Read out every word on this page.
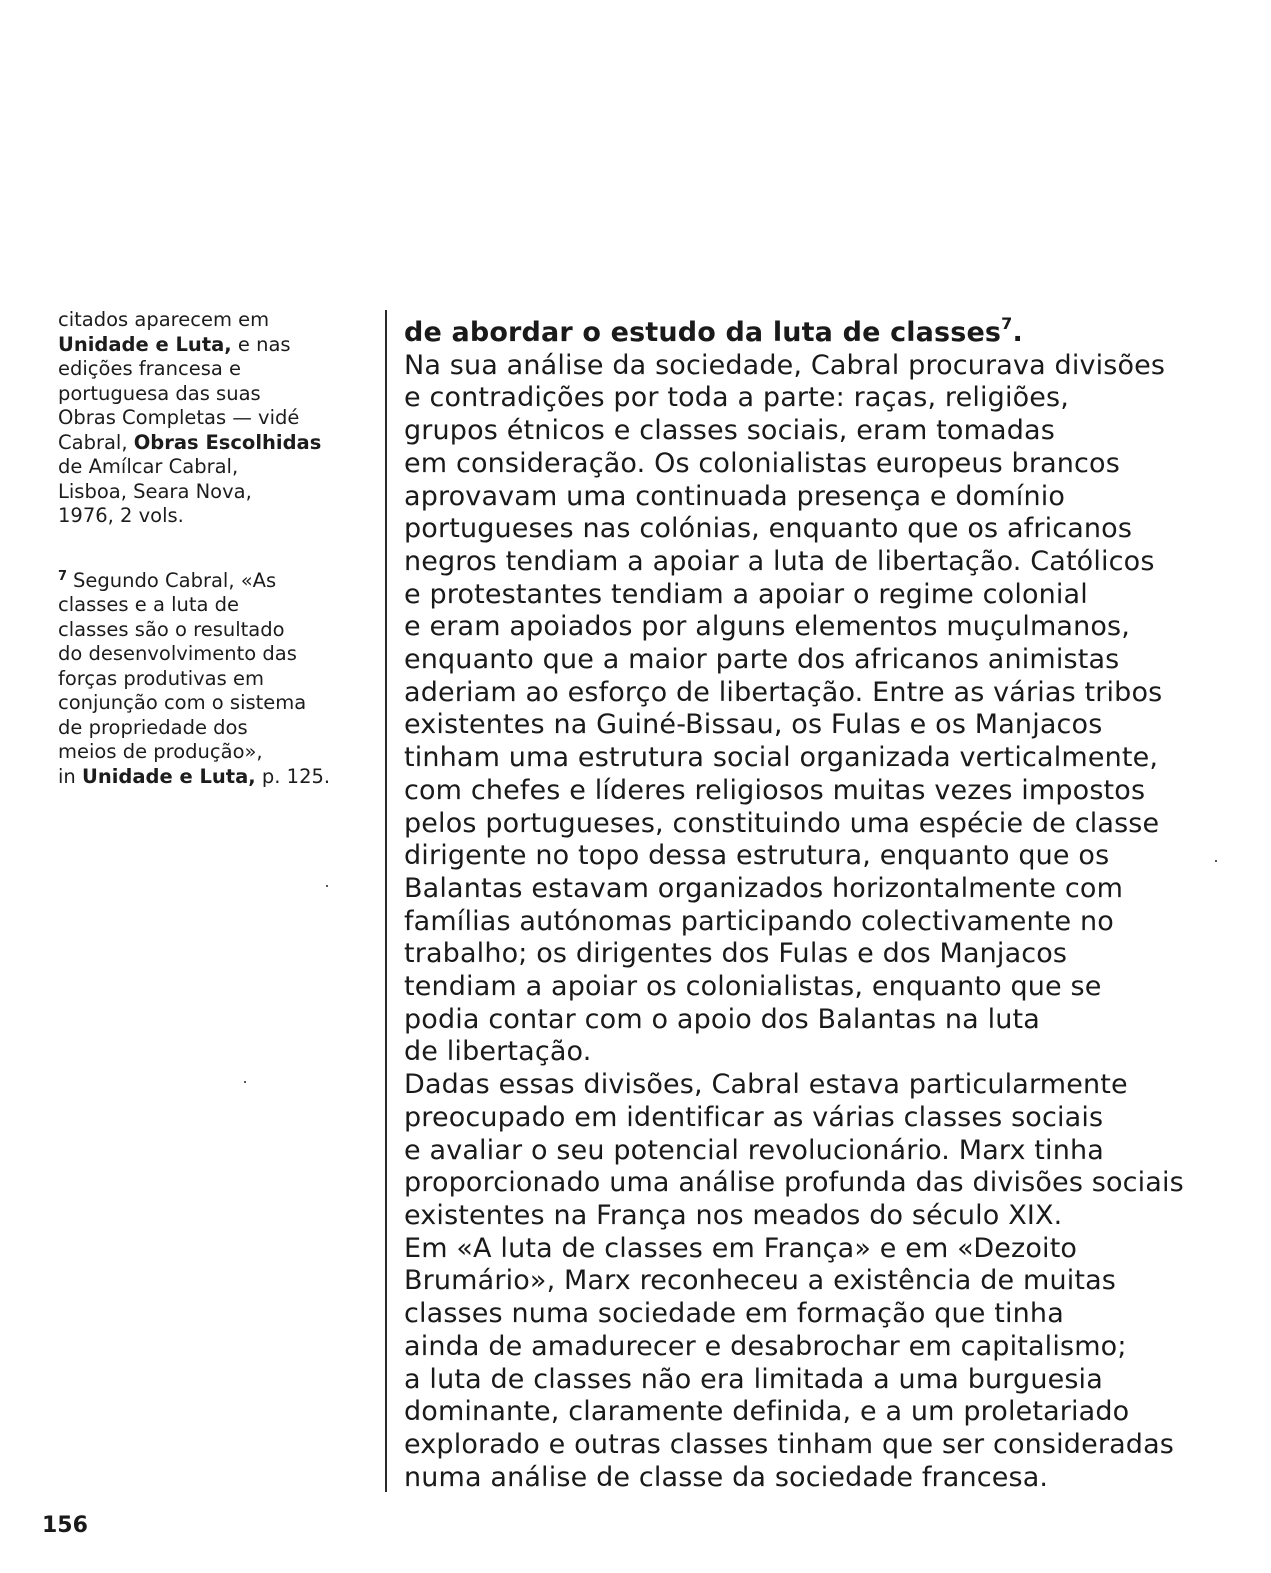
citados aparecem em
Unidade e Luta, e nas
edições francesa e
portuguesa das suas
Obras Completas — vidé
Cabral, Obras Escolhidas
de Amílcar Cabral,
Lisboa, Seara Nova,
1976, 2 vols.

$^7$ Segundo Cabral, «As
classes e a luta de
classes são o resultado
do desenvolvimento das
forças produtivas em
conjunção com o sistema
de propriedade dos
meios de produção»,
in Unidade e Luta, p. 125.

de abordar o estudo da luta de classes$^7$.
Na sua análise da sociedade, Cabral procurava divisões
e contradições por toda a parte: raças, religiões,
grupos étnicos e classes sociais, eram tomadas
em consideração. Os colonialistas europeus brancos
aprovavam uma continuada presença e domínio
portugueses nas colónias, enquanto que os africanos
negros tendiam a apoiar a luta de libertação. Católicos
e protestantes tendiam a apoiar o regime colonial
e eram apoiados por alguns elementos muçulmanos,
enquanto que a maior parte dos africanos animistas
aderiam ao esforço de libertação. Entre as várias tribos
existentes na Guiné-Bissau, os Fulas e os Manjacos
tinham uma estrutura social organizada verticalmente,
com chefes e líderes religiosos muitas vezes impostos
pelos portugueses, constituindo uma espécie de classe
dirigente no topo dessa estrutura, enquanto que os
Balantas estavam organizados horizontalmente com
famílias autónomas participando colectivamente no
trabalho; os dirigentes dos Fulas e dos Manjacos
tendiam a apoiar os colonialistas, enquanto que se
podia contar com o apoio dos Balantas na luta
de libertação.
Dadas essas divisões, Cabral estava particularmente
preocupado em identificar as várias classes sociais
e avaliar o seu potencial revolucionário. Marx tinha
proporcionado uma análise profunda das divisões sociais
existentes na França nos meados do século XIX.
Em «A luta de classes em França» e em «Dezoito
Brumário», Marx reconheceu a existência de muitas
classes numa sociedade em formação que tinha
ainda de amadurecer e desabrochar em capitalismo;
a luta de classes não era limitada a uma burguesia
dominante, claramente definida, e a um proletariado
explorado e outras classes tinham que ser consideradas
numa análise de classe da sociedade francesa.
156
